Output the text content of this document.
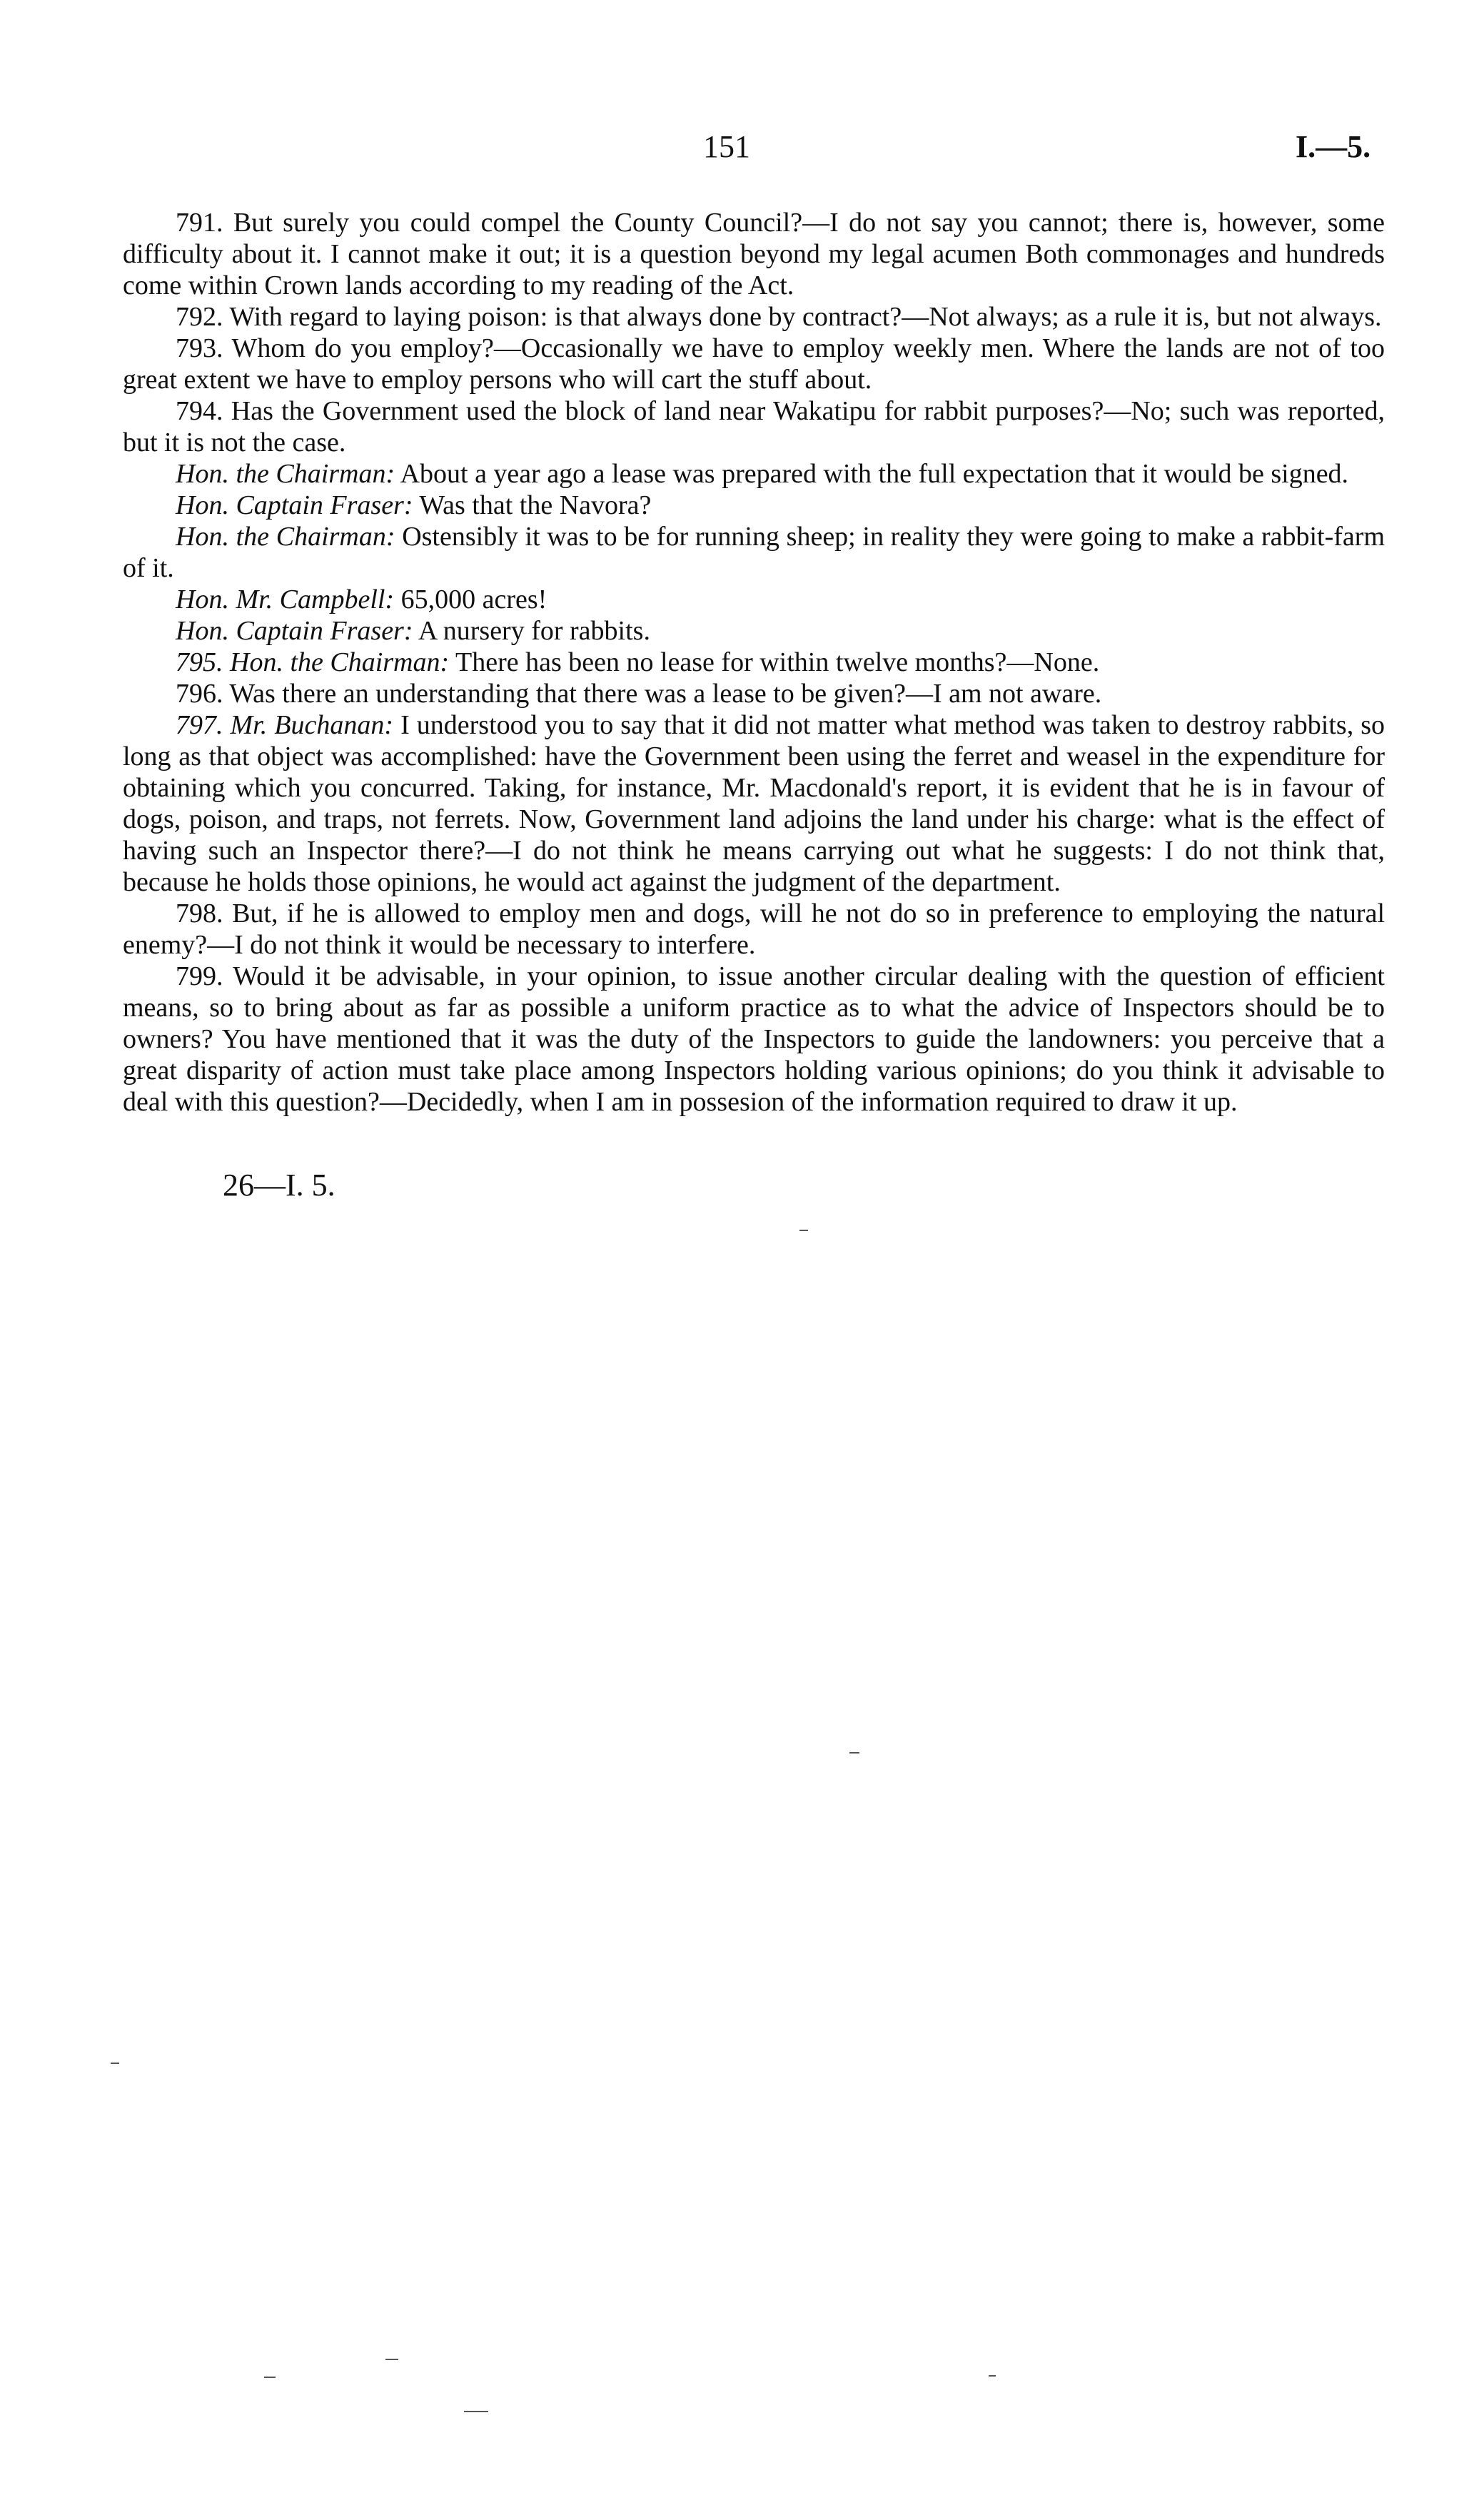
151	I.—5.

791. But surely you could compel the County Council?—I do not say you cannot; there is, however, some difficulty about it. I cannot make it out; it is a question beyond my legal acumen Both commonages and hundreds come within Crown lands according to my reading of the Act.

792. With regard to laying poison: is that always done by contract?—Not always; as a rule it is, but not always.

793. Whom do you employ?—Occasionally we have to employ weekly men. Where the lands are not of too great extent we have to employ persons who will cart the stuff about.

794. Has the Government used the block of land near Wakatipu for rabbit purposes?—No; such was reported, but it is not the case.

Hon. the Chairman: About a year ago a lease was prepared with the full expectation that it would be signed.

Hon. Captain Fraser: Was that the Navora?

Hon. the Chairman: Ostensibly it was to be for running sheep; in reality they were going to make a rabbit-farm of it.

Hon. Mr. Campbell: 65,000 acres!

Hon. Captain Fraser: A nursery for rabbits.

795. Hon. the Chairman: There has been no lease for within twelve months?—None.

796. Was there an understanding that there was a lease to be given?—I am not aware.

797. Mr. Buchanan: I understood you to say that it did not matter what method was taken to destroy rabbits, so long as that object was accomplished: have the Government been using the ferret and weasel in the expenditure for obtaining which you concurred. Taking, for instance, Mr. Macdonald's report, it is evident that he is in favour of dogs, poison, and traps, not ferrets. Now, Government land adjoins the land under his charge: what is the effect of having such an Inspector there?—I do not think he means carrying out what he suggests: I do not think that, because he holds those opinions, he would act against the judgment of the department.

798. But, if he is allowed to employ men and dogs, will he not do so in preference to employing the natural enemy?—I do not think it would be necessary to interfere.

799. Would it be advisable, in your opinion, to issue another circular dealing with the question of efficient means, so to bring about as far as possible a uniform practice as to what the advice of Inspectors should be to owners? You have mentioned that it was the duty of the Inspectors to guide the landowners: you perceive that a great disparity of action must take place among Inspectors holding various opinions; do you think it advisable to deal with this question?—Decidedly, when I am in possesion of the information required to draw it up.

26—I. 5.
